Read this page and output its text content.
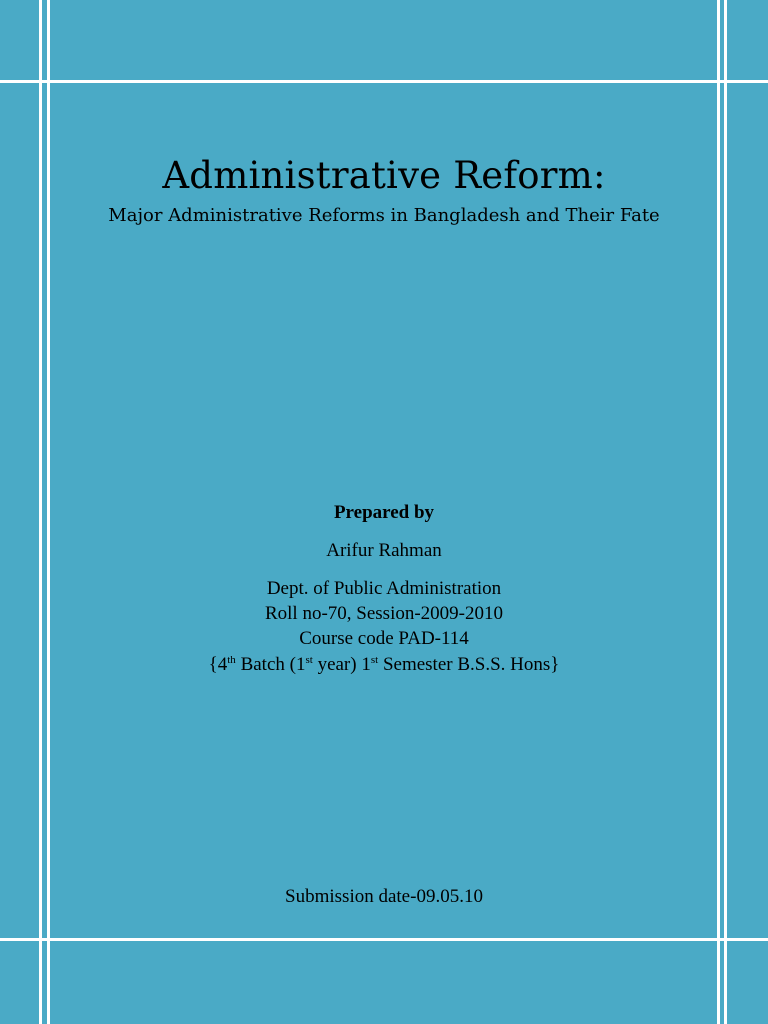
Administrative Reform:
Major Administrative Reforms in Bangladesh and Their Fate
Prepared by
Arifur Rahman
Dept. of Public Administration
Roll no-70, Session-2009-2010
Course code PAD-114
{4th Batch (1st year) 1st Semester B.S.S. Hons}
Submission date-09.05.10
